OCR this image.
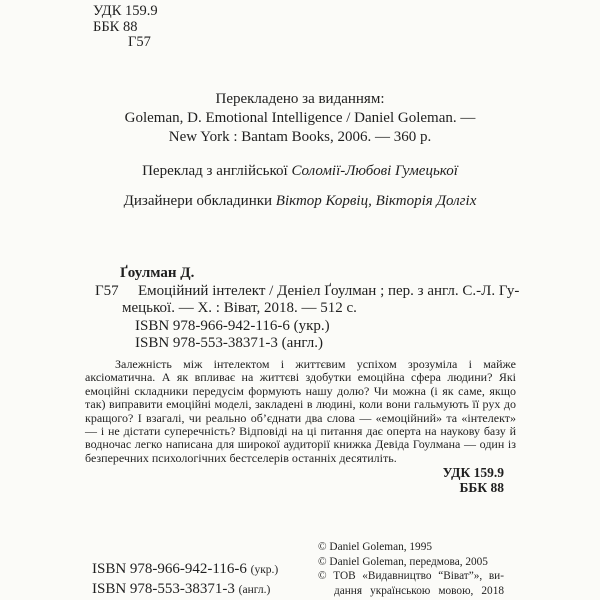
УДК 159.9
ББК 88
Г57
Перекладено за виданням:
Goleman, D. Emotional Intelligence / Daniel Goleman. —
New York : Bantam Books, 2006. — 360 p.
Переклад з англійської Соломії-Любові Гумецької
Дизайнери обкладинки Віктор Корвіц, Вікторія Долгіх
Ґоулман Д.
Г57 Емоційний інтелект / Деніел Ґоулман ; пер. з англ. С.-Л. Гу-
мецької. — Х. : Віват, 2018. — 512 с.
ISBN 978-966-942-116-6 (укр.)
ISBN 978-553-38371-3 (англ.)
Залежність між інтелектом і життєвим успіхом зрозуміла і майже аксіоматична. А як впливає на життєві здобутки емоційна сфера людини? Які емоційні складники передусім формують нашу долю? Чи можна (і як саме, якщо так) виправити емоційні моделі, закладені в людині, коли вони гальмують її рух до кращого? І взагалі, чи реально об’єднати два слова — «емоційний» та «інтелект» — і не дістати суперечність? Відповіді на ці питання дає оперта на наукову базу й водночас легко написана для широкої аудиторії книжка Девіда Гоулмана — один із безперечних психологічних бестселерів останніх десятиліть.
УДК 159.9
ББК 88
ISBN 978-966-942-116-6 (укр.)
ISBN 978-553-38371-3 (англ.)
© Daniel Goleman, 1995
© Daniel Goleman, передмова, 2005
© ТОВ «Видавництво “Віват”», ви-
дання українською мовою, 2018
